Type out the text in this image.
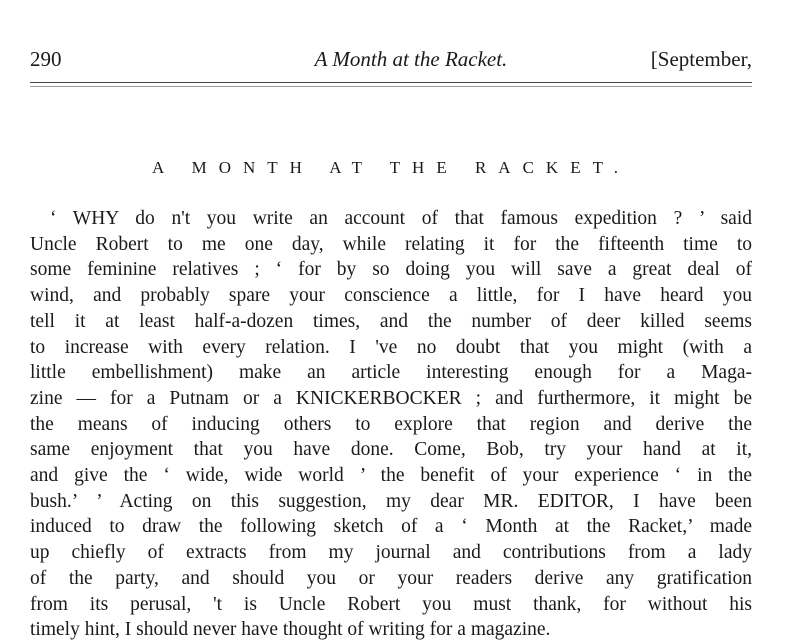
290	A Month at the Racket.	[September,
A MONTH AT THE RACKET.
‘ WHY do n't you write an account of that famous expedition ? ’ said
Uncle Robert to me one day, while relating it for the fifteenth time to
some feminine relatives ; ‘ for by so doing you will save a great deal of
wind, and probably spare your conscience a little, for I have heard you
tell it at least half-a-dozen times, and the number of deer killed seems
to increase with every relation. I 've no doubt that you might (with a
little embellishment) make an article interesting enough for a Maga-
zine — for a Putnam or a KNICKERBOCKER ; and furthermore, it might be
the means of inducing others to explore that region and derive the
same enjoyment that you have done. Come, Bob, try your hand at it,
and give the ‘ wide, wide world ’ the benefit of your experience ‘ in the
bush.’ ’ Acting on this suggestion, my dear MR. EDITOR, I have been
induced to draw the following sketch of a ‘ Month at the Racket,’ made
up chiefly of extracts from my journal and contributions from a lady
of the party, and should you or your readers derive any gratification
from its perusal, 't is Uncle Robert you must thank, for without his
timely hint, I should never have thought of writing for a magazine.
